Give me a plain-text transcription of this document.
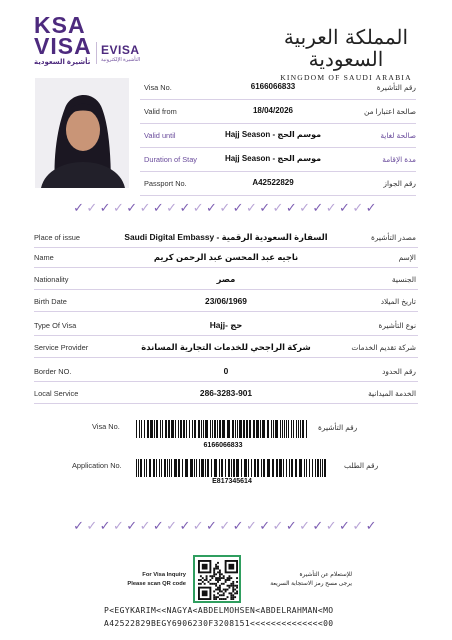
KSA
VISA
تأشيرة السعودية
EVISA
التأشيرة الإلكترونية
المملكة العربية السعودية
KINGDOM OF SAUDI ARABIA
Visa No.	6166066833	رقم التأشيرة
Valid from	18/04/2026	صالحة اعتبارا من
Valid until	Hajj Season - موسم الحج	صالحة لغاية
Duration of Stay	Hajj Season - موسم الحج	مدة الإقامة
Passport No.	A42522829	رقم الجواز
✓✓✓✓✓✓✓✓✓✓✓✓✓✓✓✓✓✓✓✓✓✓✓
Place of issue	Saudi Digital Embassy - السفارة السعودية الرقمية	مصدر التأشيرة
Name	ناجيه عبد المحسن عبد الرحمن كريم	الإسم
Nationality	مصر	الجنسية
Birth Date	23/06/1969	تاريخ الميلاد
Type Of Visa	Hajj- حج	نوع التأشيرة
Service Provider	شركة الراجحي للخدمات التجارية المساندة	شركة تقديم الخدمات
Border NO.	0	رقم الحدود
Local Service	286-3283-901	الخدمة الميدانية
Visa No.	رقم التأشيرة
6166066833
Application No.	رقم الطلب
E817345614
✓✓✓✓✓✓✓✓✓✓✓✓✓✓✓✓✓✓✓✓✓✓✓
For Visa Inquiry
Please scan QR code
للإستعلام عن التأشيرة
يرجى مسح رمز الاستجابة السريعة
P<EGYKARIM<<NAGYA<ABDELMOHSEN<ABDELRAHMAN<MO
A42522829BEGY6906230F3208151<<<<<<<<<<<<<<00
